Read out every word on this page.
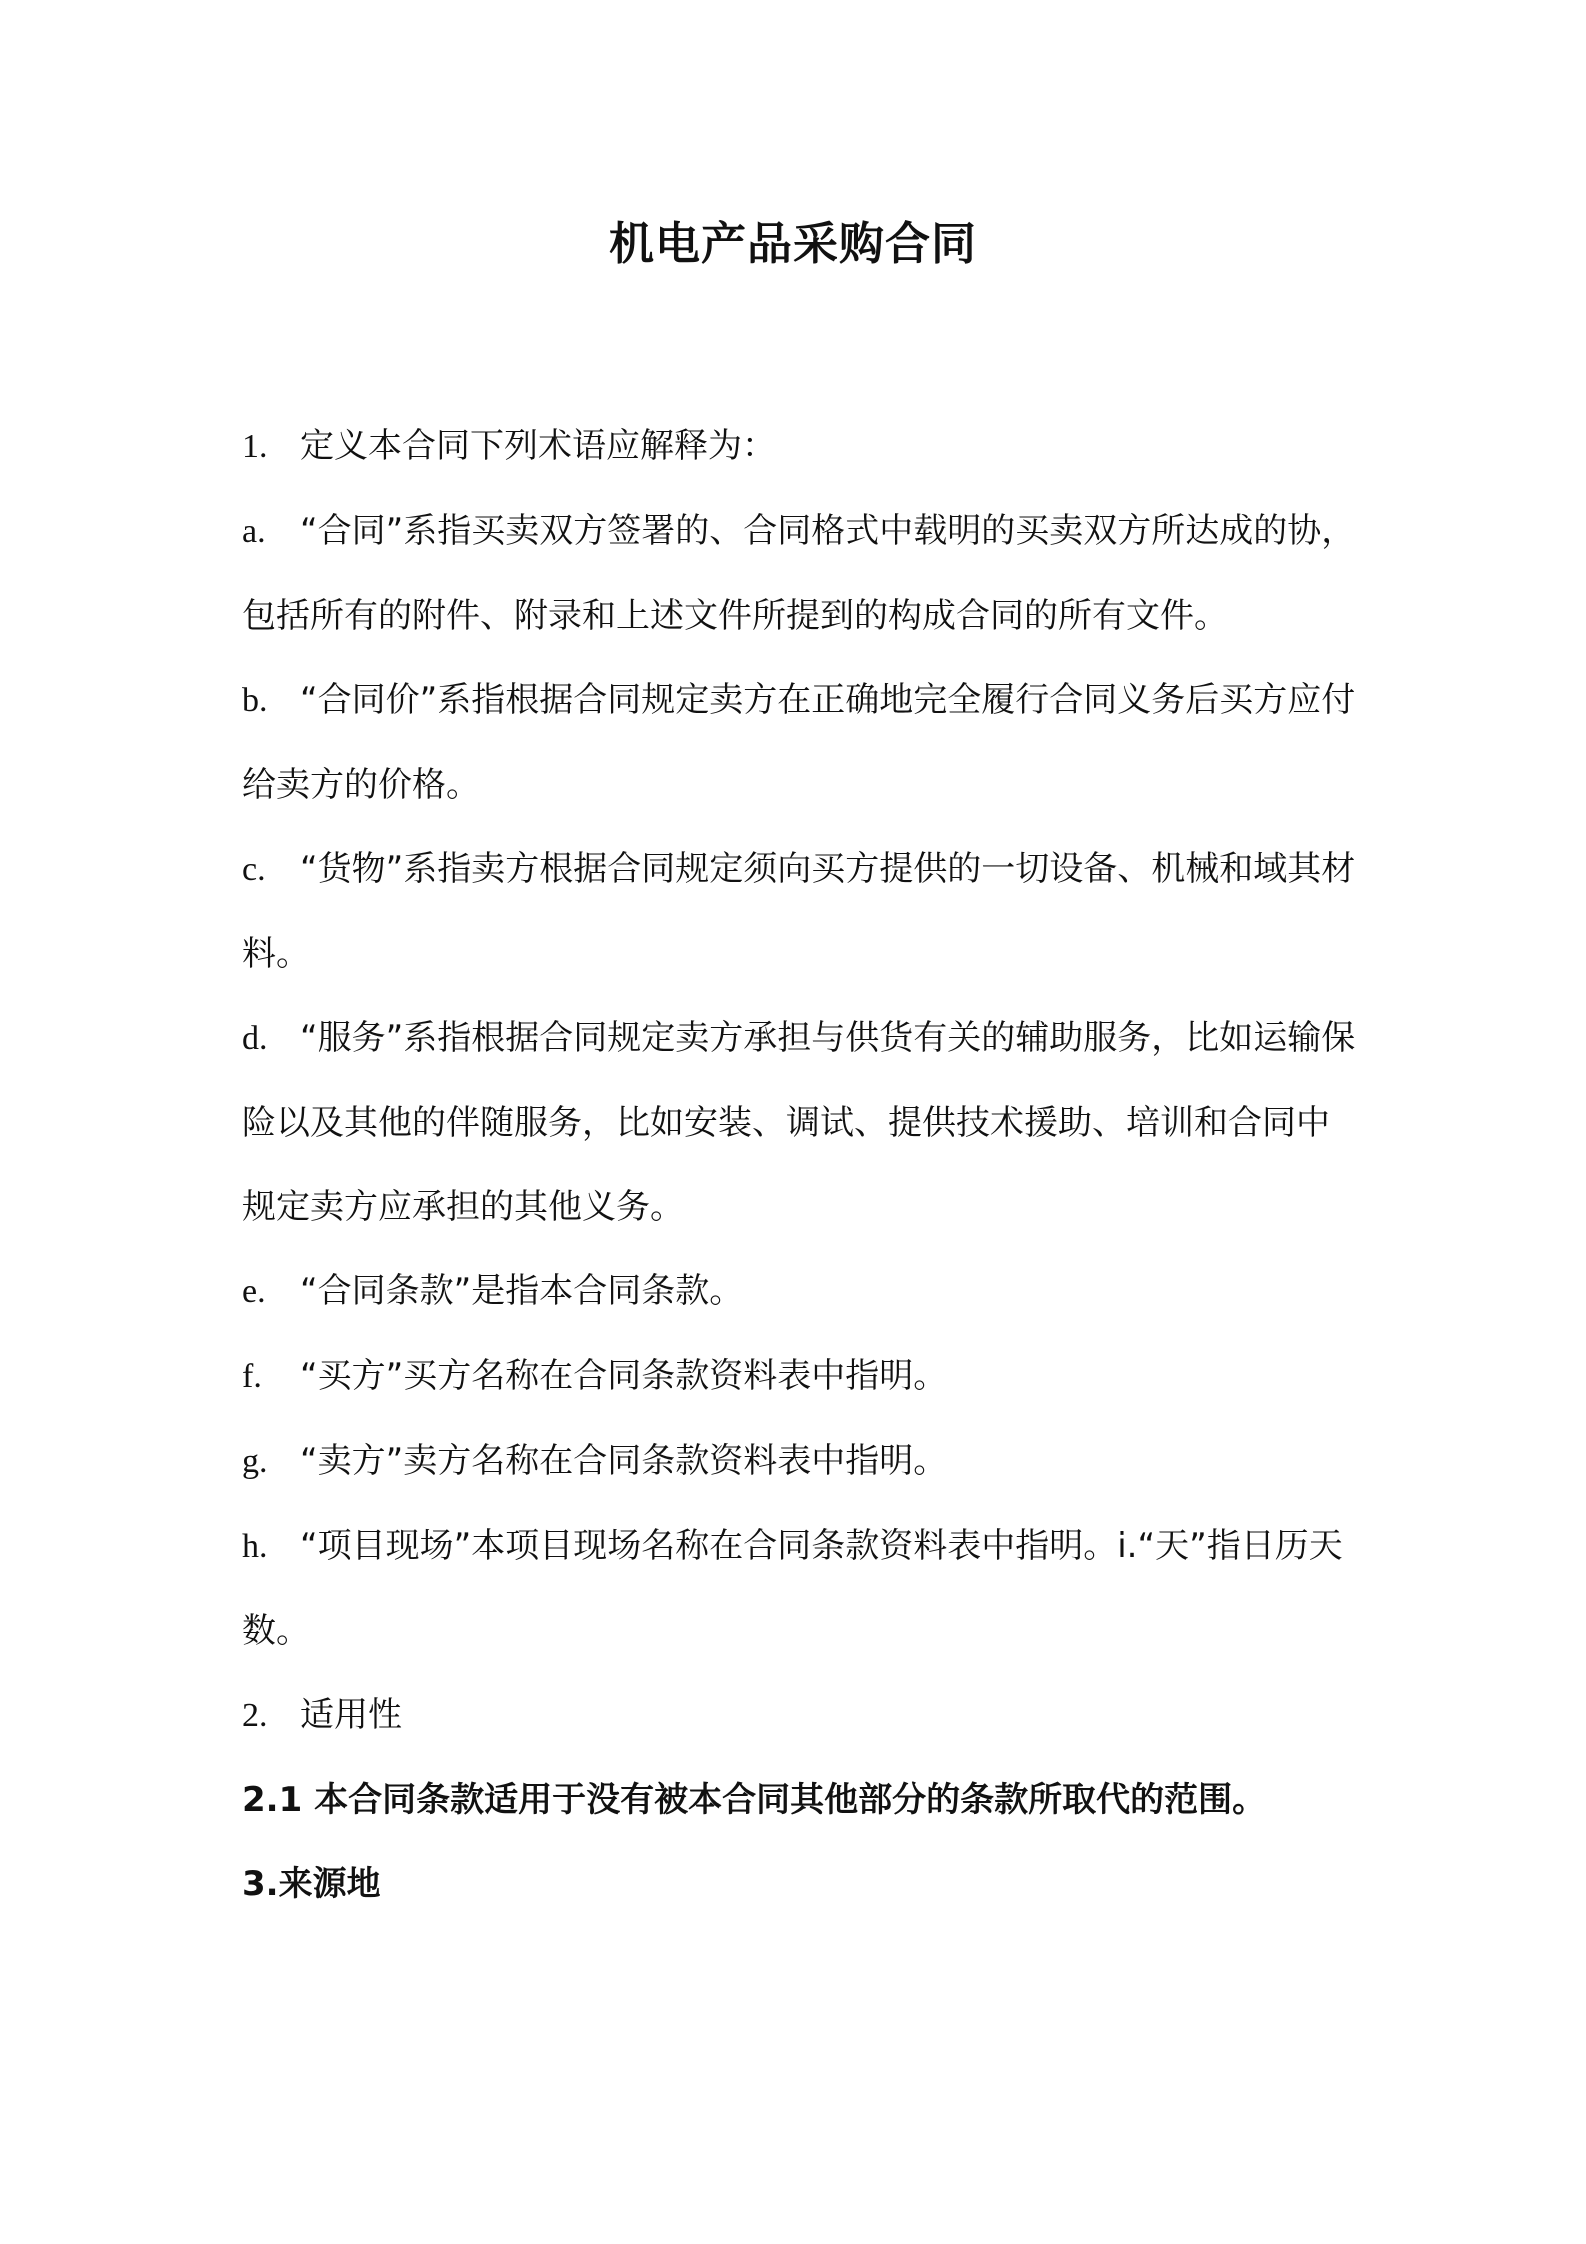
机电产品采购合同

1. 定义本合同下列术语应解释为：

a. “合同”系指买卖双方签署的、合同格式中载明的买卖双方所达成的协，包括所有的附件、附录和上述文件所提到的构成合同的所有文件。

b. “合同价”系指根据合同规定卖方在正确地完全履行合同义务后买方应付给卖方的价格。

c. “货物”系指卖方根据合同规定须向买方提供的一切设备、机械和域其材料。

d. “服务”系指根据合同规定卖方承担与供货有关的辅助服务，比如运输保险以及其他的伴随服务，比如安装、调试、提供技术援助、培训和合同中规定卖方应承担的其他义务。

e. “合同条款”是指本合同条款。

f. “买方”买方名称在合同条款资料表中指明。

g. “卖方”卖方名称在合同条款资料表中指明。

h. “项目现场”本项目现场名称在合同条款资料表中指明。i.“天”指日历天数。

2. 适用性

2.1 本合同条款适用于没有被本合同其他部分的条款所取代的范围。

3.来源地
